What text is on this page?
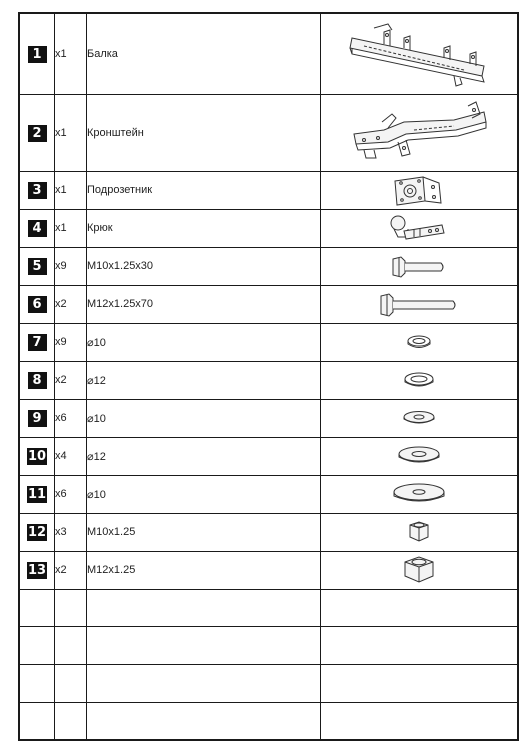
1	x1	Балка	

2	x1	Кронштейн	

3	x1	Подрозетник	

4	x1	Крюк	

5	x9	M10x1.25x30	

6	x2	M12x1.25x70	

7	x9	⌀10	

8	x2	⌀12	

9	x6	⌀10	

10	x4	⌀12	

11	x6	⌀10	

12	x3	M10x1.25	

13	x2	M12x1.25	
